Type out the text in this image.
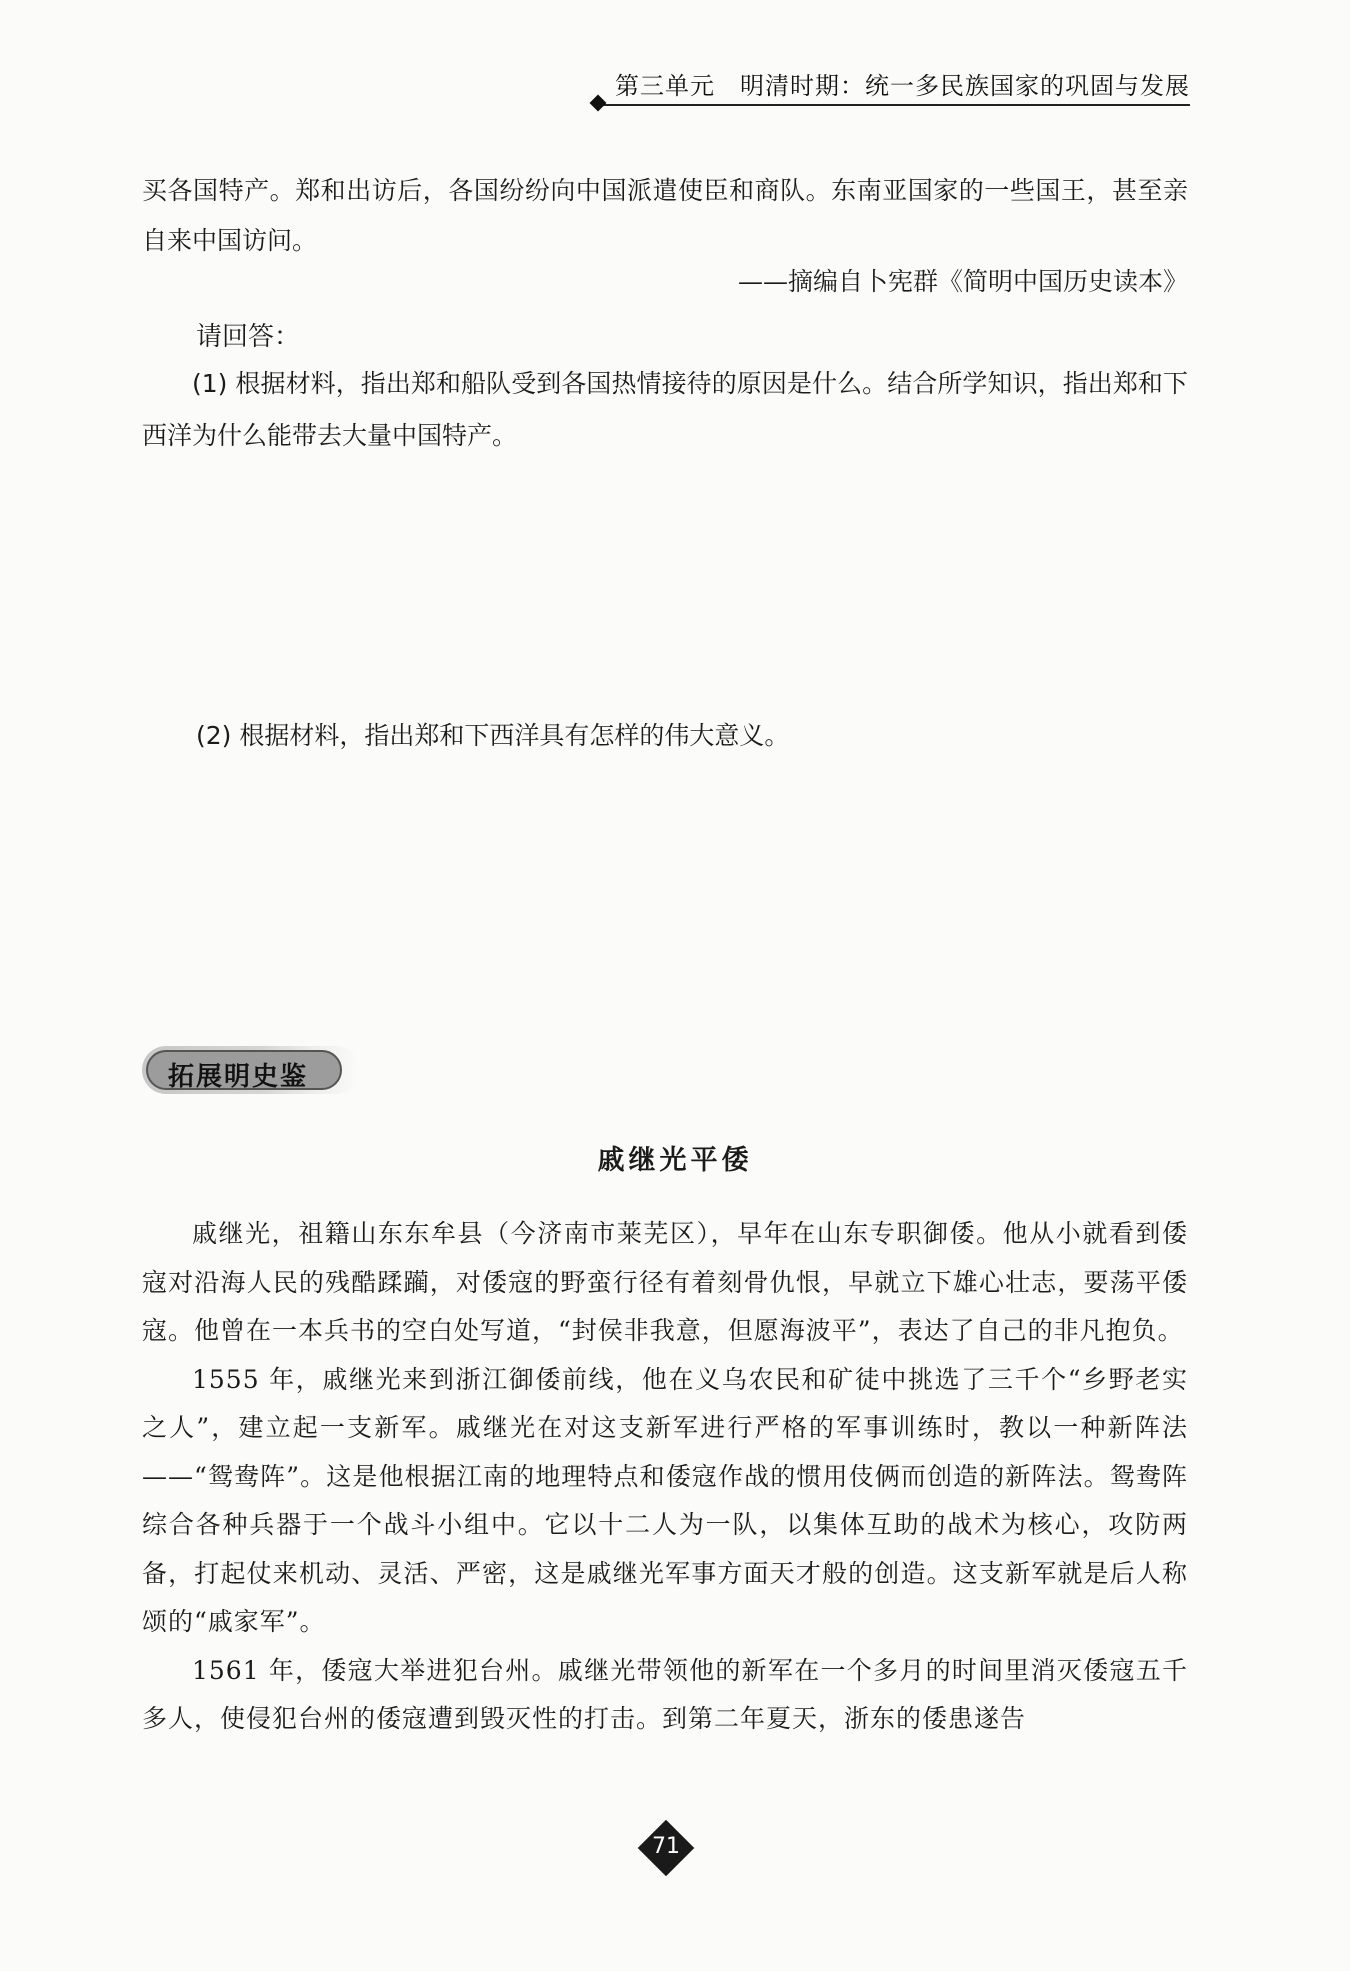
第三单元　明清时期：统一多民族国家的巩固与发展

买各国特产。郑和出访后，各国纷纷向中国派遣使臣和商队。东南亚国家的一些国王，甚至亲自来中国访问。

——摘编自卜宪群《简明中国历史读本》
请回答：

(1) 根据材料，指出郑和船队受到各国热情接待的原因是什么。结合所学知识，指出郑和下西洋为什么能带去大量中国特产。

(2) 根据材料，指出郑和下西洋具有怎样的伟大意义。
拓展明史鉴
戚继光平倭

戚继光，祖籍山东东牟县（今济南市莱芜区），早年在山东专职御倭。他从小就看到倭寇对沿海人民的残酷蹂躏，对倭寇的野蛮行径有着刻骨仇恨，早就立下雄心壮志，要荡平倭寇。他曾在一本兵书的空白处写道，“封侯非我意，但愿海波平”，表达了自己的非凡抱负。

1555 年，戚继光来到浙江御倭前线，他在义乌农民和矿徒中挑选了三千个“乡野老实之人”，建立起一支新军。戚继光在对这支新军进行严格的军事训练时，教以一种新阵法——“鸳鸯阵”。这是他根据江南的地理特点和倭寇作战的惯用伎俩而创造的新阵法。鸳鸯阵综合各种兵器于一个战斗小组中。它以十二人为一队，以集体互助的战术为核心，攻防两备，打起仗来机动、灵活、严密，这是戚继光军事方面天才般的创造。这支新军就是后人称颂的“戚家军”。

1561 年，倭寇大举进犯台州。戚继光带领他的新军在一个多月的时间里消灭倭寇五千多人，使侵犯台州的倭寇遭到毁灭性的打击。到第二年夏天，浙东的倭患遂告

71
